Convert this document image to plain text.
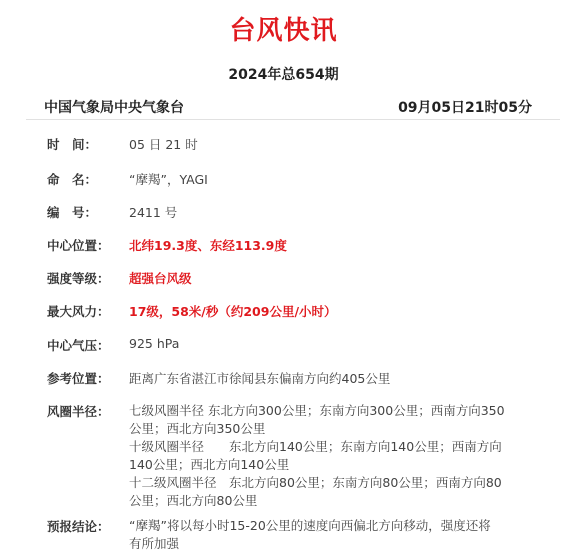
台风快讯
2024年总654期
中国气象局中央气象台	09月05日21时05分
时　间：	05 日 21 时
命　名：	“摩羯”，YAGI
编　号：	2411 号
中心位置：	北纬19.3度、东经113.9度
强度等级：	超强台风级
最大风力：	17级，58米/秒（约209公里/小时）
中心气压：	925 hPa
参考位置：	距离广东省湛江市徐闻县东偏南方向约405公里
风圈半径：	七级风圈半径 东北方向300公里；东南方向300公里；西南方向350
公里；西北方向350公里
十级风圈半径　　东北方向140公里；东南方向140公里；西南方向
140公里；西北方向140公里
十二级风圈半径　东北方向80公里；东南方向80公里；西南方向80
公里；西北方向80公里
预报结论：	“摩羯”将以每小时15-20公里的速度向西偏北方向移动，强度还将
有所加强
